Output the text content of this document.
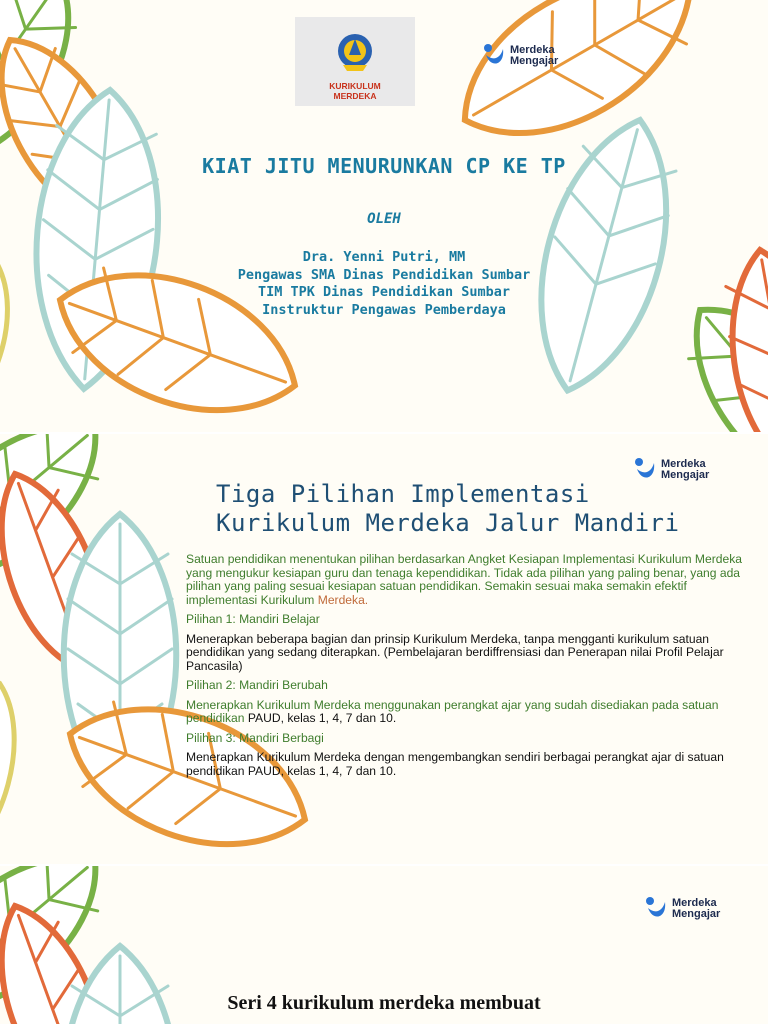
KURIKULUM
MERDEKA
Merdeka
Mengajar
KIAT JITU MENURUNKAN CP KE TP
OLEH
Dra. Yenni Putri, MM
Pengawas SMA Dinas Pendidikan Sumbar
TIM TPK Dinas Pendidikan Sumbar
Instruktur Pengawas Pemberdaya
Merdeka
Mengajar
Tiga Pilihan Implementasi
Kurikulum Merdeka Jalur Mandiri

Satuan pendidikan menentukan pilihan berdasarkan Angket Kesiapan Implementasi Kurikulum Merdeka yang mengukur kesiapan guru dan tenaga kependidikan. Tidak ada pilihan yang paling benar, yang ada pilihan yang paling sesuai kesiapan satuan pendidikan. Semakin sesuai maka semakin efektif implementasi Kurikulum Merdeka.

Pilihan 1: Mandiri Belajar

Menerapkan beberapa bagian dan prinsip Kurikulum Merdeka, tanpa mengganti kurikulum satuan pendidikan yang sedang diterapkan. (Pembelajaran berdiffrensiasi dan Penerapan nilai Profil Pelajar Pancasila)

Pilihan 2: Mandiri Berubah

Menerapkan Kurikulum Merdeka menggunakan perangkat ajar yang sudah disediakan pada satuan pendidikan PAUD, kelas 1, 4, 7 dan 10.

Pilihan 3: Mandiri Berbagi

Menerapkan Kurikulum Merdeka dengan mengembangkan sendiri berbagai perangkat ajar di satuan pendidikan PAUD, kelas 1, 4, 7 dan 10.

Merdeka
Mengajar
Seri 4 kurikulum merdeka membuat
